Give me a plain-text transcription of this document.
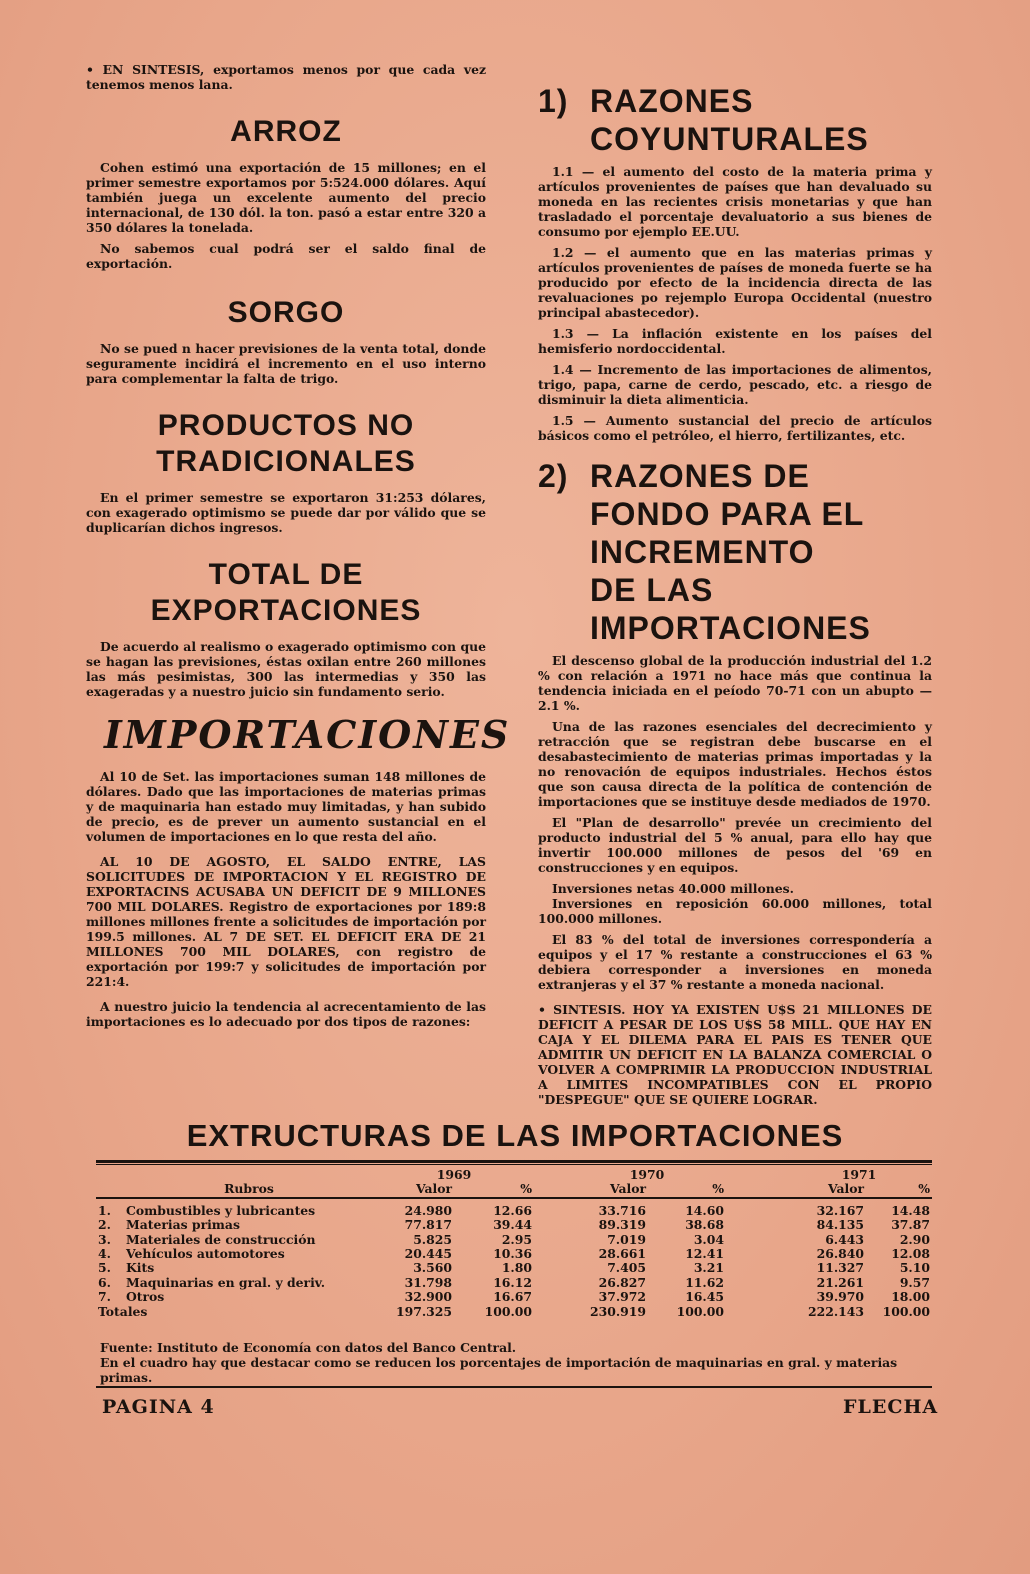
• EN SINTESIS, exportamos menos por que cada vez tenemos menos lana.

ARROZ

Cohen estimó una exportación de 15 millones; en el primer semestre exportamos por 5:524.000 dólares. Aquí también juega un excelente aumento del precio internacional, de 130 dól. la ton. pasó a estar entre 320 a 350 dólares la tonelada.

No sabemos cual podrá ser el saldo final de exportación.

SORGO

No se pued n hacer previsiones de la venta total, donde seguramente incidirá el incremento en el uso interno para complementar la falta de trigo.

PRODUCTOS NO
TRADICIONALES

En el primer semestre se exportaron 31:253 dólares, con exagerado optimismo se puede dar por válido que se duplicarían dichos ingresos.

TOTAL DE
EXPORTACIONES

De acuerdo al realismo o exagerado optimismo con que se hagan las previsiones, éstas oxilan entre 260 millones las más pesimistas, 300 las intermedias y 350 las exageradas y a nuestro juicio sin fundamento serio.

IMPORTACIONES

Al 10 de Set. las importaciones suman 148 millones de dólares. Dado que las importaciones de materias primas y de maquinaria han estado muy limitadas, y han subido de precio, es de prever un aumento sustancial en el volumen de importaciones en lo que resta del año.

AL 10 DE AGOSTO, EL SALDO ENTRE, LAS SOLICITUDES DE IMPORTACION Y EL REGISTRO DE EXPORTACINS ACUSABA UN DEFICIT DE 9 MILLONES 700 MIL DOLARES. Registro de exportaciones por 189:8 millones millones frente a solicitudes de importación por 199.5 millones. AL 7 DE SET. EL DEFICIT ERA DE 21 MILLONES 700 MIL DOLARES, con registro de exportación por 199:7 y solicitudes de importación por 221:4.

A nuestro juicio la tendencia al acrecentamiento de las importaciones es lo adecuado por dos tipos de razones:

1) RAZONES
COYUNTURALES

1.1 — el aumento del costo de la materia prima y artículos provenientes de países que han devaluado su moneda en las recientes crisis monetarias y que han trasladado el porcentaje devaluatorio a sus bienes de consumo por ejemplo EE.UU.

1.2 — el aumento que en las materias primas y artículos provenientes de países de moneda fuerte se ha producido por efecto de la incidencia directa de las revaluaciones po rejemplo Europa Occidental (nuestro principal abastecedor).

1.3 — La inflación existente en los países del hemisferio nordoccidental.

1.4 — Incremento de las importaciones de alimentos, trigo, papa, carne de cerdo, pescado, etc. a riesgo de disminuir la dieta alimenticia.

1.5 — Aumento sustancial del precio de artículos básicos como el petróleo, el hierro, fertilizantes, etc.

2) RAZONES DE
FONDO PARA EL
INCREMENTO
DE LAS
IMPORTACIONES

El descenso global de la producción industrial del 1.2 % con relación a 1971 no hace más que continua la tendencia iniciada en el peíodo 70-71 con un abupto —2.1 %.

Una de las razones esenciales del decrecimiento y retracción que se registran debe buscarse en el desabastecimiento de materias primas importadas y la no renovación de equipos industriales. Hechos éstos que son causa directa de la política de contención de importaciones que se instituye desde mediados de 1970.

El "Plan de desarrollo" prevée un crecimiento del producto industrial del 5 % anual, para ello hay que invertir 100.000 millones de pesos del '69 en construcciones y en equipos.

Inversiones netas 40.000 millones.

Inversiones en reposición 60.000 millones, total 100.000 millones.

El 83 % del total de inversiones correspondería a equipos y el 17 % restante a construcciones el 63 % debiera corresponder a inversiones en moneda extranjeras y el 37 % restante a moneda nacional.

• SINTESIS. HOY YA EXISTEN U$S 21 MILLONES DE DEFICIT A PESAR DE LOS U$S 58 MILL. QUE HAY EN CAJA Y EL DILEMA PARA EL PAIS ES TENER QUE ADMITIR UN DEFICIT EN LA BALANZA COMERCIAL O VOLVER A COMPRIMIR LA PRODUCCION INDUSTRIAL A LIMITES INCOMPATIBLES CON EL PROPIO "DESPEGUE" QUE SE QUIERE LOGRAR.

EXTRUCTURAS DE LAS IMPORTACIONES
		1969			1970			1971	
	Rubros	Valor	%		Valor	%		Valor	%

1.	Combustibles y lubricantes	24.980	12.66		33.716	14.60		32.167	14.48
2.	Materias primas	77.817	39.44		89.319	38.68		84.135	37.87
3.	Materiales de construcción	5.825	2.95		7.019	3.04		6.443	2.90
4.	Vehículos automotores	20.445	10.36		28.661	12.41		26.840	12.08
5.	Kits	3.560	1.80		7.405	3.21		11.327	5.10
6.	Maquinarias en gral. y deriv.	31.798	16.12		26.827	11.62		21.261	9.57
7.	Otros	32.900	16.67		37.972	16.45		39.970	18.00
Totales		197.325	100.00		230.919	100.00		222.143	100.00
Fuente: Instituto de Economía con datos del Banco Central.
En el cuadro hay que destacar como se reducen los porcentajes de importación de maquinarias en gral. y materias primas.
PAGINA 4	FLECHA
